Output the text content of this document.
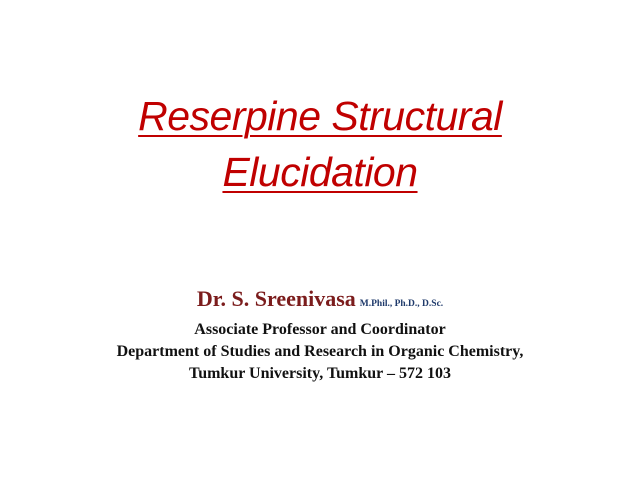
Reserpine Structural
Elucidation
Dr. S. Sreenivasa M.Phil., Ph.D., D.Sc.
Associate Professor and Coordinator
Department of Studies and Research in Organic Chemistry,
Tumkur University, Tumkur – 572 103
